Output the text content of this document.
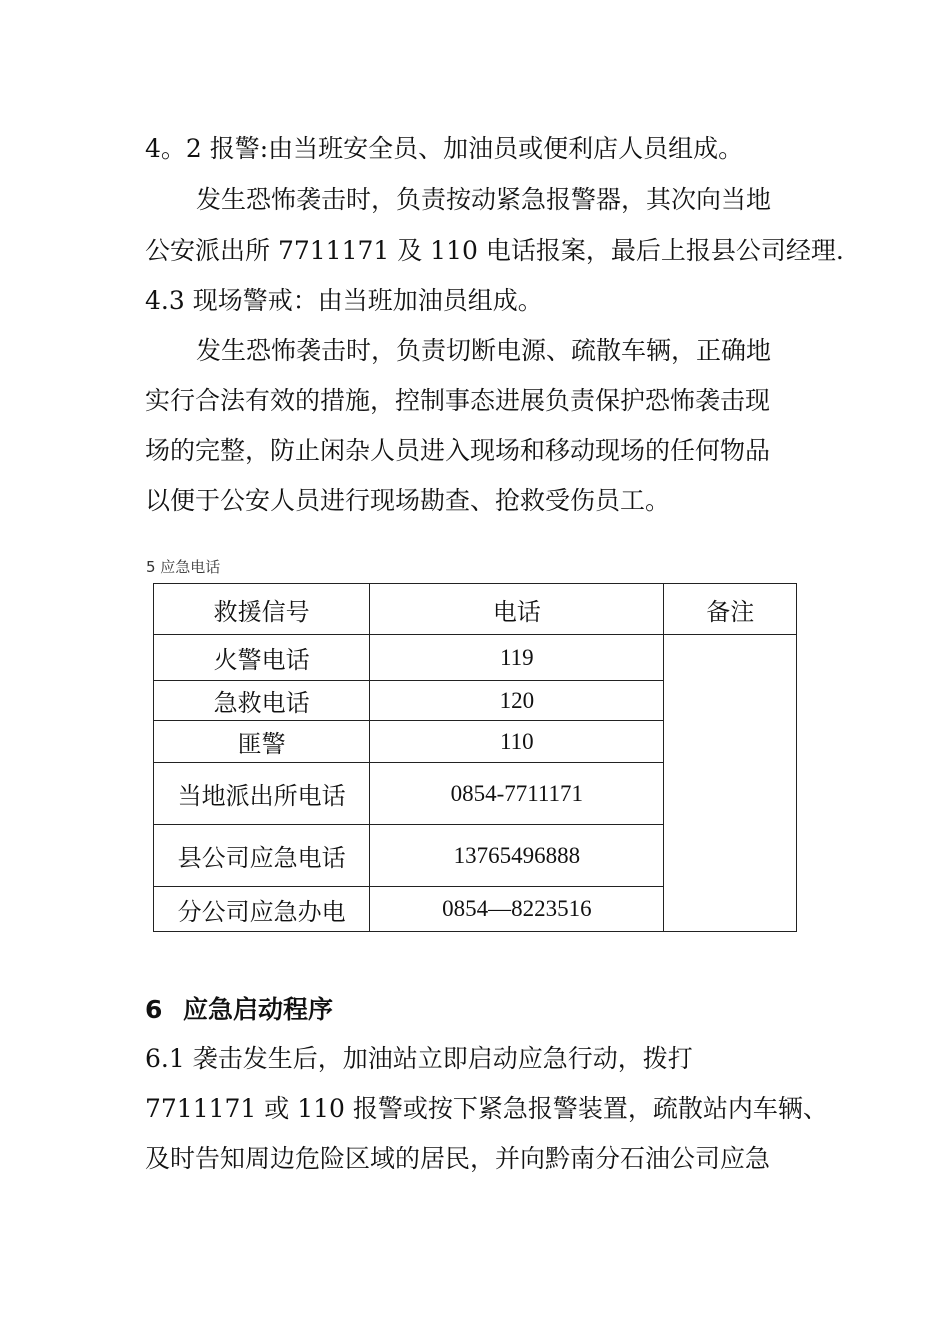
4。2 报警:由当班安全员、加油员或便利店人员组成。
发生恐怖袭击时，负责按动紧急报警器，其次向当地
公安派出所 7711171 及 110 电话报案，最后上报县公司经理.
4.3 现场警戒：由当班加油员组成。
发生恐怖袭击时，负责切断电源、疏散车辆，正确地
实行合法有效的措施，控制事态进展负责保护恐怖袭击现
场的完整，防止闲杂人员进入现场和移动现场的任何物品
以便于公安人员进行现场勘查、抢救受伤员工。
5 应急电话
救援信号	电话	备注
火警电话	119	
急救电话	120	
匪警	110	
当地派出所电话	0854-7711171	
县公司应急电话	13765496888	
分公司应急办电	0854—8223516	
6 应急启动程序
6.1 袭击发生后，加油站立即启动应急行动，拨打
7711171 或 110 报警或按下紧急报警装置，疏散站内车辆、
及时告知周边危险区域的居民，并向黔南分石油公司应急
